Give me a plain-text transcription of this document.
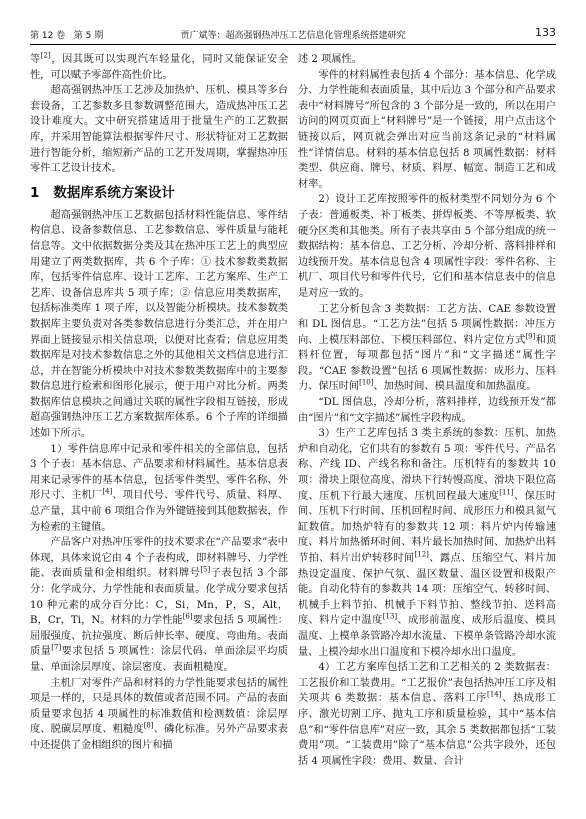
第 12 卷 第 5 期	贾广斌等：超高强钢热冲压工艺信息化管理系统搭建研究	133

等[2]，因其既可以实现汽车轻量化，同时又能保证安全性，可以赋予零部件高性价比。

超高强钢热冲压工艺涉及加热炉、压机、模具等多台套设备，工艺参数多且参数调整范围大，造成热冲压工艺设计难度大。文中研究搭建适用于批量生产的工艺数据库，并采用智能算法根据零件尺寸、形状特征对工艺数据进行智能分析，缩短新产品的工艺开发周期，掌握热冲压零件工艺设计技术。

1 数据库系统方案设计

超高强钢热冲压工艺数据包括材料性能信息、零件结构信息、设备参数信息、工艺参数信息、零件质量与能耗信息等。文中依据数据分类及其在热冲压工艺上的典型应用建立了两类数据库，共 6 个子库：① 技术参数类数据库，包括零件信息库、设计工艺库、工艺方案库、生产工艺库、设备信息库共 5 项子库；② 信息应用类数据库，包括标准类库 1 项子库，以及智能分析模块。技术参数类数据库主要负责对各类参数信息进行分类汇总，并在用户界面上链接显示相关信息项，以便对比查看；信息应用类数据库是对技术参数信息之外的其他相关文档信息进行汇总，并在智能分析模块中对技术参数类数据库中的主要参数信息进行检索和图形化展示，便于用户对比分析。两类数据库信息模块之间通过关联的属性字段相互链接，形成超高强钢热冲压工艺方案数据库体系。6 个子库的详细描述如下所示。

1）零件信息库中记录和零件相关的全部信息，包括 3 个子表：基本信息、产品要求和材料属性。基本信息表用来记录零件的基本信息，包括零件类型、零件名称、外形尺寸、主机厂[4]、项目代号、零件代号、质量、料厚、总产量，其中前 6 项组合作为外键链接到其他数据表，作为检索的主键值。

产品客户对热冲压零件的技术要求在“产品要求”表中体现，具体来说它由 4 个子表构成，即材料牌号、力学性能、表面质量和金相组织。材料牌号[5]子表包括 3 个部分：化学成分、力学性能和表面质量。化学成分要求包括 10 种元素的成分百分比：C，Si，Mn，P，S，Alt，B，Cr，Ti，N。材料的力学性能[6]要求包括 5 项属性：屈服强度、抗拉强度、断后伸长率、硬度、弯曲角。表面质量[7]要求包括 5 项属性：涂层代码、单面涂层平均质量、单面涂层厚度、涂层密度、表面粗糙度。

主机厂对零件产品和材料的力学性能要求包括的属性项是一样的，只是具体的数值或者范围不同。产品的表面质量要求包括 4 项属性的标准数值和检测数值：涂层厚度、脱碳层厚度、粗糙度[8]、磷化标准。另外产品要求表中还提供了金相组织的图片和描

述 2 项属性。

零件的材料属性表包括 4 个部分：基本信息、化学成分、力学性能和表面质量，其中后边 3 个部分和产品要求表中“材料牌号”所包含的 3 个部分是一致的，所以在用户访问的网页页面上“材料牌号”是一个链接，用户点击这个链接以后，网页就会弹出对应当前这条记录的“材料属性”详情信息。材料的基本信息包括 8 项属性数据：材料类型、供应商、牌号、材质、料厚、幅宽、制造工艺和成材率。

2）设计工艺库按照零件的板材类型不同划分为 6 个子表：普通板类、补丁板类、拼焊板类、不等厚板类、软硬分区类和其他类。所有子表共享由 5 个部分组成的统一数据结构：基本信息、工艺分析、冷却分析、落料排样和边线预开发。基本信息包含 4 项属性字段：零件名称、主机厂、项目代号和零件代号，它们和基本信息表中的信息是对应一致的。

工艺分析包含 3 类数据：工艺方法、CAE 参数设置和 DL 图信息。“工艺方法”包括 5 项属性数据：冲压方向、上模压料部位、下模压料部位、料片定位方式[9]和顶料杆位置，每项都包括“图片”和“文字描述”属性字段。“CAE 参数设置”包括 6 项属性数据：成形力、压料力、保压时间[10]、加热时间、模具温度和加热温度。

“DL 图信息，冷却分析，落料排样，边线预开发”都由“图片”和“文字描述”属性字段构成。

3）生产工艺库包括 3 类主系统的参数：压机、加热炉和自动化，它们共有的参数有 5 项：零件代号、产品名称、产线 ID、产线名称和备注。压机特有的参数共 10 项：滑块上限位高度、滑块下行转慢高度、滑块下限位高度、压机下行最大速度、压机回程最大速度[11]、保压时间、压机下行时间、压机回程时间、成形压力和模具氮气缸数值。加热炉特有的参数共 12 项：料片炉内传输速度、料片加热循环时间、料片最长加热时间、加热炉出料节拍、料片出炉转移时间[12]、露点、压缩空气、料片加热设定温度、保护气氛、温区数量、温区设置和极限产能。自动化特有的参数共 14 项：压缩空气、转移时间、机械手上料节拍、机械手下料节拍、整线节拍、送料高度、料片定中温度[13]、成形前温度、成形后温度、模具温度、上模单条管路冷却水流量、下模单条管路冷却水流量、上模冷却水出口温度和下模冷却水出口温度。

4）工艺方案库包括工艺和工艺相关的 2 类数据表：工艺报价和工装费用。“工艺报价”表包括热冲压工序及相关项共 6 类数据：基本信息、落料工序[14]、热成形工序、激光切割工序、抛丸工序和质量检验，其中“基本信息”和“零件信息库”对应一致，其余 5 类数据都包括“工装费用”项。“工装费用”除了“基本信息”公共字段外，还包括 4 项属性字段：费用、数量、合计
